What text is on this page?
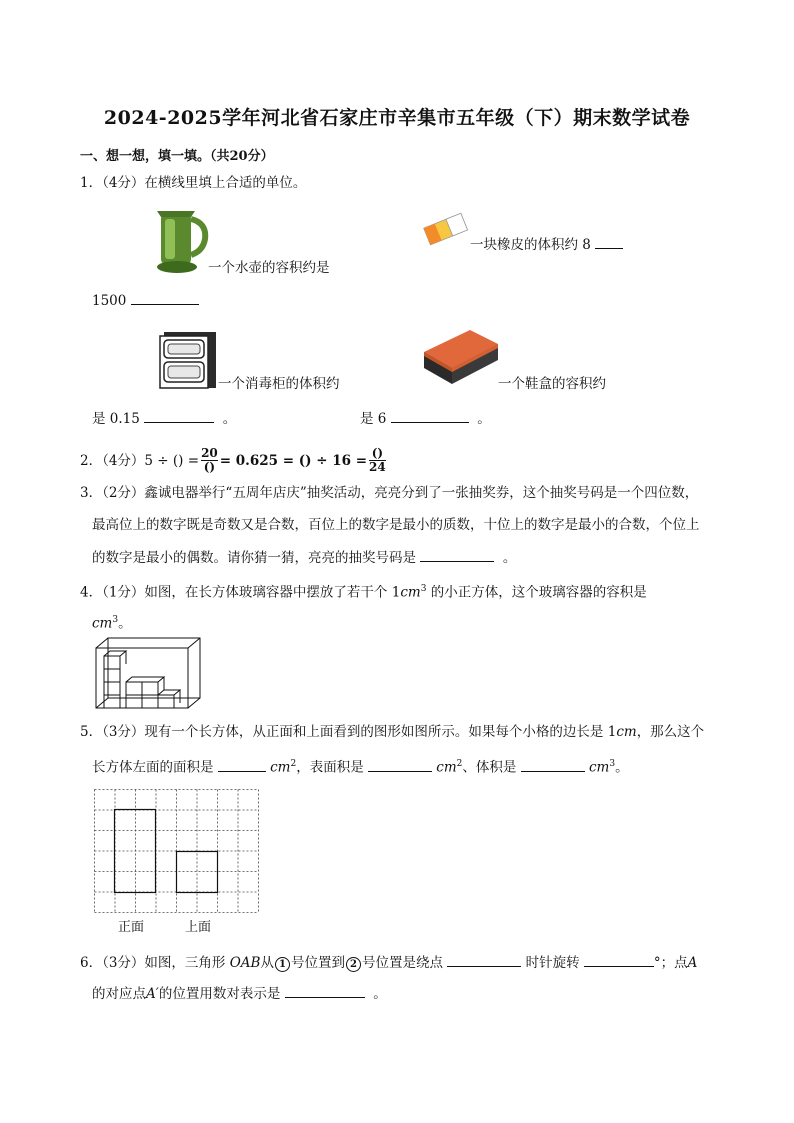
2024-2025学年河北省石家庄市辛集市五年级（下）期末数学试卷
一、想一想，填一填。（共20分）
1．（4分）在横线里填上合适的单位。
一个水壶的容积约是
1500
一块橡皮的体积约 8
一个消毒柜的体积约
是 0.15	。
一个鞋盒的容积约
是 6	。
2．（4分）5 ÷ () = $\frac{20}{()} = 0.625$ = () ÷ $16 = \frac{()}{24}$
3．（2分）鑫诚电器举行“五周年店庆”抽奖活动，亮亮分到了一张抽奖券，这个抽奖号码是一个四位数，
最高位上的数字既是奇数又是合数，百位上的数字是最小的质数，十位上的数字是最小的合数，个位上
的数字是最小的偶数。请你猜一猜，亮亮的抽奖号码是	。
4．（1分）如图，在长方体玻璃容器中摆放了若干个 $1cm^3$ 的小正方体，这个玻璃容器的容积是
$cm^3$。
5．（3分）现有一个长方体，从正面和上面看到的图形如图所示。如果每个小格的边长是 1cm，那么这个
长方体左面的面积是	$cm^2$，表面积是	$cm^2$、体积是	$cm^3$。
正面	上面
6．（3分）如图，三角形 OAB从 1 号位置到 2 号位置是绕点	时针旋转	°；点A
的对应点A′的位置用数对表示是	。
